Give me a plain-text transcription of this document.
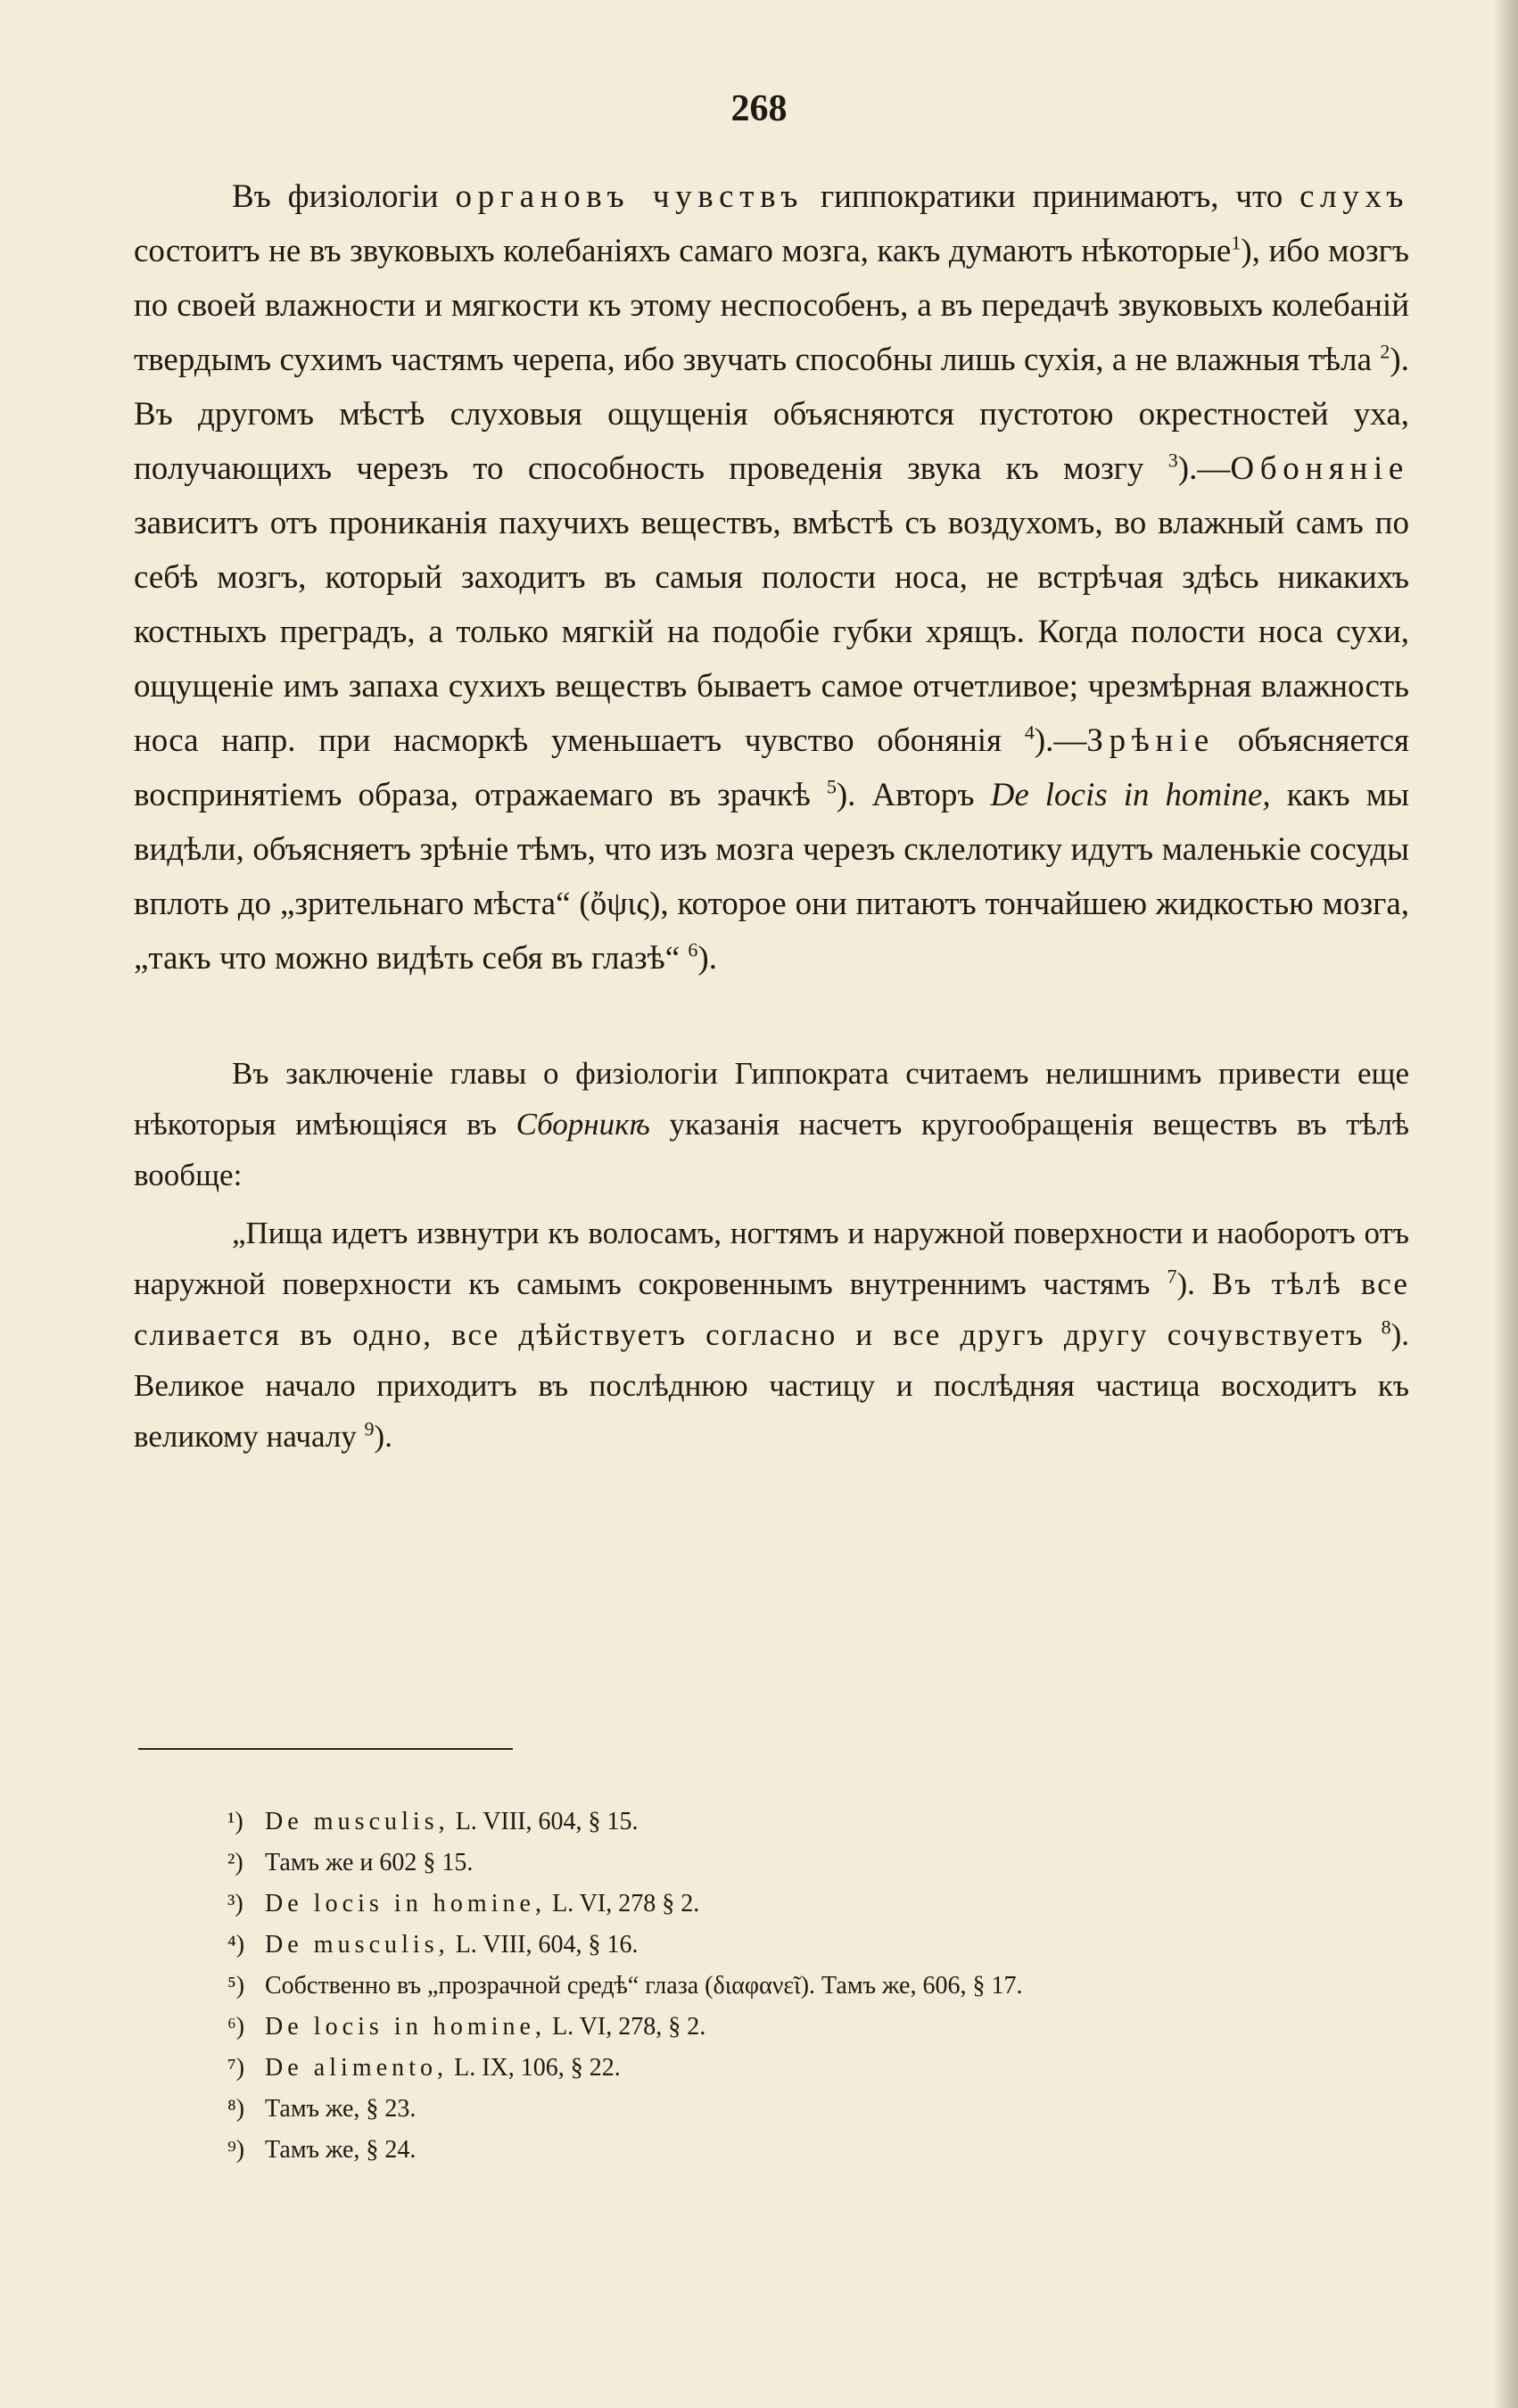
268

Въ физіологіи органовъ чувствъ гиппократики принимаютъ, что слухъ состоитъ не въ звуковыхъ колебаніяхъ самаго мозга, какъ думаютъ нѣкоторые$^1$), ибо мозгъ по своей влажности и мягкости къ этому неспособенъ, а въ передачѣ звуковыхъ колебаній твердымъ сухимъ частямъ черепа, ибо звучать способны лишь сухія, а не влажныя тѣла $^2$). Въ другомъ мѣстѣ слуховыя ощущенія объясняются пустотою окрестностей уха, получающихъ черезъ то способность проведенія звука къ мозгу $^3$).—Обоняніе зависитъ отъ прониканія пахучихъ веществъ, вмѣстѣ съ воздухомъ, во влажный самъ по себѣ мозгъ, который заходитъ въ самыя полости носа, не встрѣчая здѣсь никакихъ костныхъ преградъ, а только мягкій на подобіе губки хрящъ. Когда полости носа сухи, ощущеніе имъ запаха сухихъ веществъ бываетъ самое отчетливое; чрезмѣрная влажность носа напр. при насморкѣ уменьшаетъ чувство обонянія $^4$).—Зрѣніе объясняется воспринятіемъ образа, отражаемаго въ зрачкѣ $^5$). Авторъ De locis in homine, какъ мы видѣли, объясняетъ зрѣніе тѣмъ, что изъ мозга черезъ склелотику идутъ маленькіе сосуды вплоть до „зрительнаго мѣста“ (ὄψις), которое они питаютъ тончайшею жидкостью мозга, „такъ что можно видѣть себя въ глазѣ“ $^6$).

Въ заключеніе главы о физіологіи Гиппократа считаемъ нелишнимъ привести еще нѣкоторыя имѣющіяся въ Сборникѣ указанія насчетъ кругообращенія веществъ въ тѣлѣ вообще:

„Пища идетъ извнутри къ волосамъ, ногтямъ и наружной поверхности и наоборотъ отъ наружной поверхности къ самымъ сокровеннымъ внутреннимъ частямъ $^7$). Въ тѣлѣ все сливается въ одно, все дѣйствуетъ согласно и все другъ другу сочувствуетъ $^8$). Великое начало приходитъ въ послѣднюю частицу и послѣдняя частица восходитъ къ великому началу $^9$).

¹) De musculis, L. VIII, 604, § 15.
²) Тамъ же и 602 § 15.
³) De locis in homine, L. VI, 278 § 2.
⁴) De musculis, L. VIII, 604, § 16.
⁵) Собственно въ „прозрачной средѣ“ глаза (διαφανεῖ). Тамъ же, 606, § 17.
⁶) De locis in homine, L. VI, 278, § 2.
⁷) De alimento, L. IX, 106, § 22.
⁸) Тамъ же, § 23.
⁹) Тамъ же, § 24.
